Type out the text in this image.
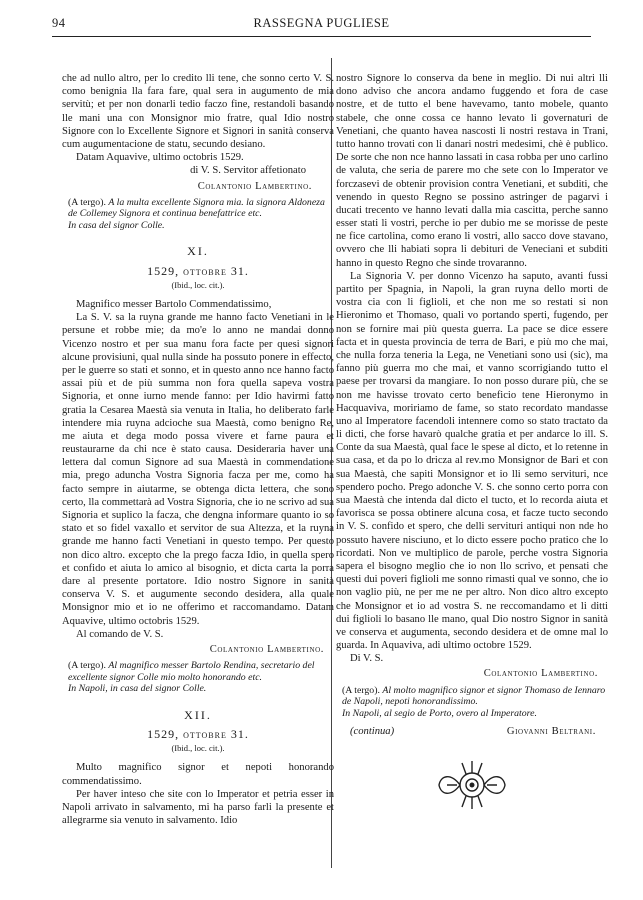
94	RASSEGNA PUGLIESE

che ad nullo altro, per lo credito lli tene, che sonno certo V. S. como benignia lla fara fare, qual sera in augumento de mia servitù; et per non donarli tedio faczo fine, restandoli basando lle mani una con Monsignor mio fratre, qual Idio nostro Signore con lo Excellente Signore et Signori in sanità conserva cum augumentacione de statu, secundo desiano.

Datam Aquavive, ultimo octobris 1529.

di V. S. Servitor affetionato

Colantonio Lambertino.

(A tergo). A la multa excellente Signora mia. la signora Aldoneza de Collemey Signora et continua benefattrice etc.
In casa del signor Colle.

XI.
1529, ottobre 31.
(Ibid., loc. cit.).

Magnifico messer Bartolo Commendatissimo,

La S. V. sa la ruyna grande me hanno facto Venetiani in le persune et robbe mie; da mo'e lo anno ne mandai donno Vicenzo nostro et per sua manu fora facte per quesi signori alcune provisiuni, qual nulla sinde ha possuto ponere in effecto, per le guerre so stati et sonno, et in questo anno nce hanno facto assai più et de più summa non fora quella sapeva vostra Signoria, et onne iurno mende fanno: per Idio havirmi fatto gratia la Cesarea Maestà sia venuta in Italia, ho deliberato farle intendere mia ruyna adcioche sua Maestà, como benigno Re, me aiuta et dega modo possa vivere et farne paura et reustaurarne da chi nce è stato causa. Desideraria haver una lettera dal comun Signore ad sua Maestà in commendatione mia, prego aduncha Vostra Signoria facza per me, como ha facto sempre in aiutarme, se obtenga dicta lettera, che sono certo, lla commettarà ad Vostra Signoria, che io ne scrivo ad sua Signoria et suplico la facza, che dengna informare quanto io so stato et so fidel vaxallo et servitor de sua Altezza, et la ruyna grande me hanno facti Venetiani in questo tempo. Per questo non dico altro. excepto che la prego facza Idio, in quella spero et confido et aiuta lo amico al bisognio, et dicta carta la porra dare al presente portatore. Idio nostro Signore in sanità conserva V. S. et augumente secondo desidera, alla quale Monsignor mio et io ne offerimo et raccomandamo. Datam Aquavive, ultimo octobris 1529.

Al comando de V. S.

Colantonio Lambertino.

(A tergo). Al magnifico messer Bartolo Rendina, secretario del excellente signor Colle mio molto honorando etc.
In Napoli, in casa del signor Colle.

XII.
1529, ottobre 31.
(Ibid., loc. cit.).

Multo magnifico signor et nepoti honorando commendatissimo.

Per haver inteso che site con lo Imperator et petria esser in Napoli arrivato in salvamento, mi ha parso farli la presente et allegrarme sia venuto in salvamento. Idio

nostro Signore lo conserva da bene in meglio. Di nui altri lli dono adviso che ancora andamo fuggendo et fora de case nostre, et de tutto el bene havevamo, tanto mobele, quanto stabele, che onne cossa ce hanno levato li governaturi de Venetiani, che quanto havea nascosti li nostri restava in Trani, tutto hanno trovati con li danari nostri medesimi, chè è publico. De sorte che non nce hanno lassati in casa robba per uno carlino de valuta, che seria de parere mo che sete con lo Imperator ve forczasevi de obtenir provision contra Venetiani, et subditi, che venendo in questo Regno se possino astringer de pagarvi i ducati trecento ve hanno levati dalla mia cascitta, perche sanno esser stati li vostri, perche io per dubio me se morisse de peste ne fice cartolina, como erano li vostri, allo sacco dove stavano, ovvero che lli habiati sopra li debituri de Veneciani et subditi hanno in questo Regno che sinde trovaranno.

La Signoria V. per donno Vicenzo ha saputo, avanti fussi partito per Spagnia, in Napoli, la gran ruyna dello morti de vostra cia con li figlioli, et che non me so restati si non Hieronimo et Thomaso, quali vo portando sperti, fugendo, per non se fornire mai più questa guerra. La pace se dice essere facta et in questa provincia de terra de Bari, e più mo che mai, che nulla forza teneria la Lega, ne Venetiani sono usi (sic), ma fanno più guerra mo che mai, et vanno scorrigiando tutto el paese per trovarsi da mangiare. Io non posso durare più, che se non me havisse trovato certo beneficio tene Hieronymo in Hacquaviva, moririamo de fame, so stato recordato mandasse uno al Imperatore facendoli intennere como so stato tractato da li dicti, che forse havarò qualche gratia et per andarce lo ill. S. Conte da sua Maestà, qual face le spese al dicto, et lo retenne in sua casa, et da po lo dricza al rev.mo Monsignor de Bari et con sua Maestà, che sapiti Monsignor et io lli semo servituri, nce spendero pocho. Prego adonche V. S. che sonno certo porra con sua Maestà che intenda dal dicto el tucto, et lo recorda aiuta et favorisca se possa obtinere alcuna cosa, et facze tucto secondo in V. S. confido et spero, che delli servituri antiqui non nde ho possuto havere nisciuno, et lo dicto essere pocho pratico che lo ricordati. Non ve multiplico de parole, perche vostra Signoria sapera el bisogno meglio che io non llo scrivo, et pensati che questi dui poveri figlioli me sonno rimasti qual ve sonno, che io non vaglio più, ne per me ne per altro. Non dico altro excepto che Monsignor et io ad vostra S. ne reccomandamo et li ditti dui figlioli lo basano lle mano, qual Dio nostro Signor in sanità ve conserva et augumenta, secondo desidera et de omne mal lo guarda. In Aquaviva, adi ultimo octobre 1529.

Di V. S.

Colantonio Lambertino.

(A tergo). Al molto magnifico signor et signor Thomaso de Iennaro de Napoli, nepoti honorandissimo.
In Napoli, al segio de Porto, overo al Imperatore.

(continua)	Giovanni Beltrani.
